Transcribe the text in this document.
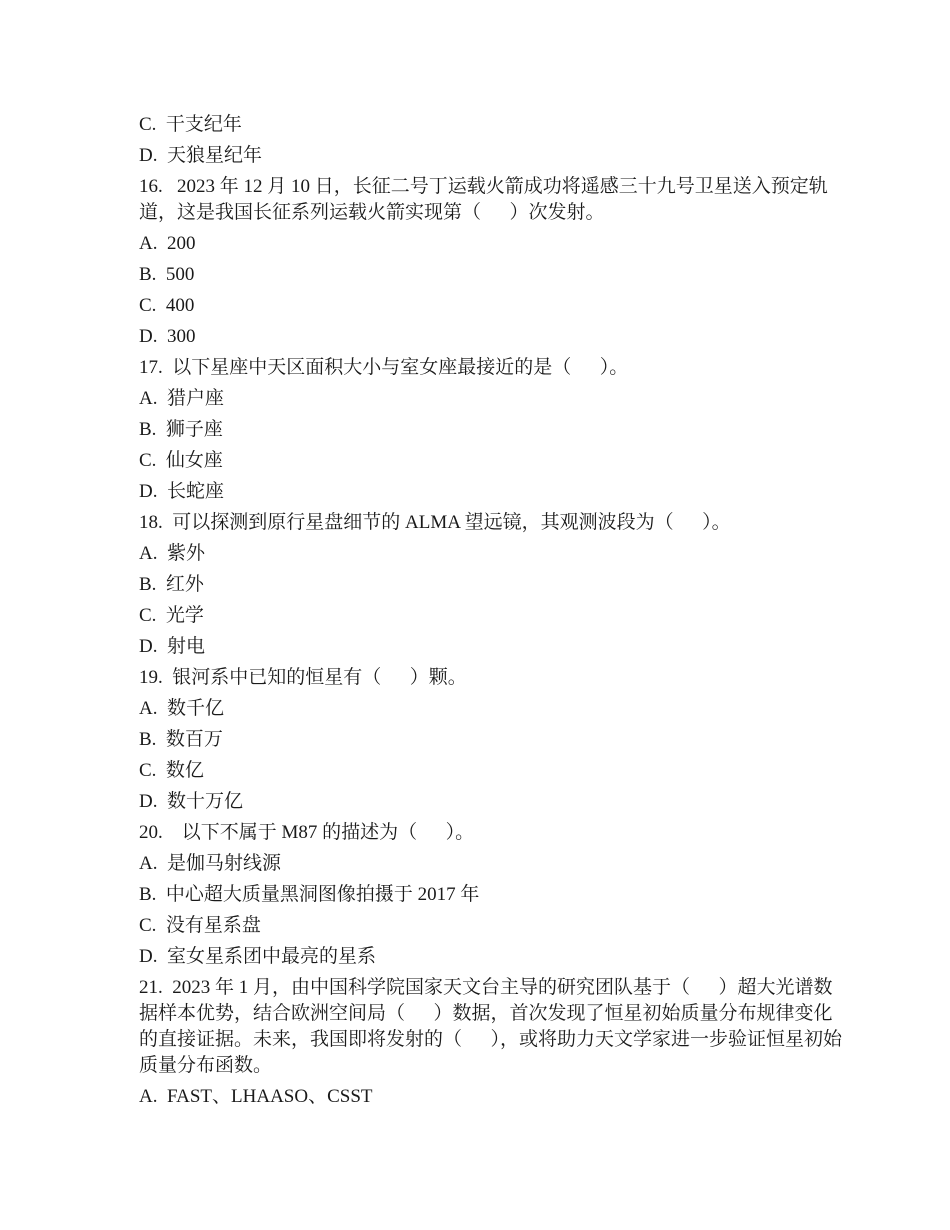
C.  干支纪年

D.  天狼星纪年

16.   2023 年 12 月 10 日，长征二号丁运载火箭成功将遥感三十九号卫星送入预定轨道，这是我国长征系列运载火箭实现第（      ）次发射。

A.  200

B.  500

C.  400

D.  300

17.  以下星座中天区面积大小与室女座最接近的是（      ）。

A.  猎户座

B.  狮子座

C.  仙女座

D.  长蛇座

18.  可以探测到原行星盘细节的 ALMA 望远镜，其观测波段为（      ）。

A.  紫外

B.  红外

C.  光学

D.  射电

19.  银河系中已知的恒星有（      ）颗。

A.  数千亿

B.  数百万

C.  数亿

D.  数十万亿

20.    以下不属于 M87 的描述为（      ）。

A.  是伽马射线源

B.  中心超大质量黑洞图像拍摄于 2017 年

C.  没有星系盘

D.  室女星系团中最亮的星系

21.  2023 年 1 月，由中国科学院国家天文台主导的研究团队基于（      ）超大光谱数据样本优势，结合欧洲空间局（      ）数据，首次发现了恒星初始质量分布规律变化的直接证据。未来，我国即将发射的（      ），或将助力天文学家进一步验证恒星初始质量分布函数。

A.  FAST、LHAASO、CSST
